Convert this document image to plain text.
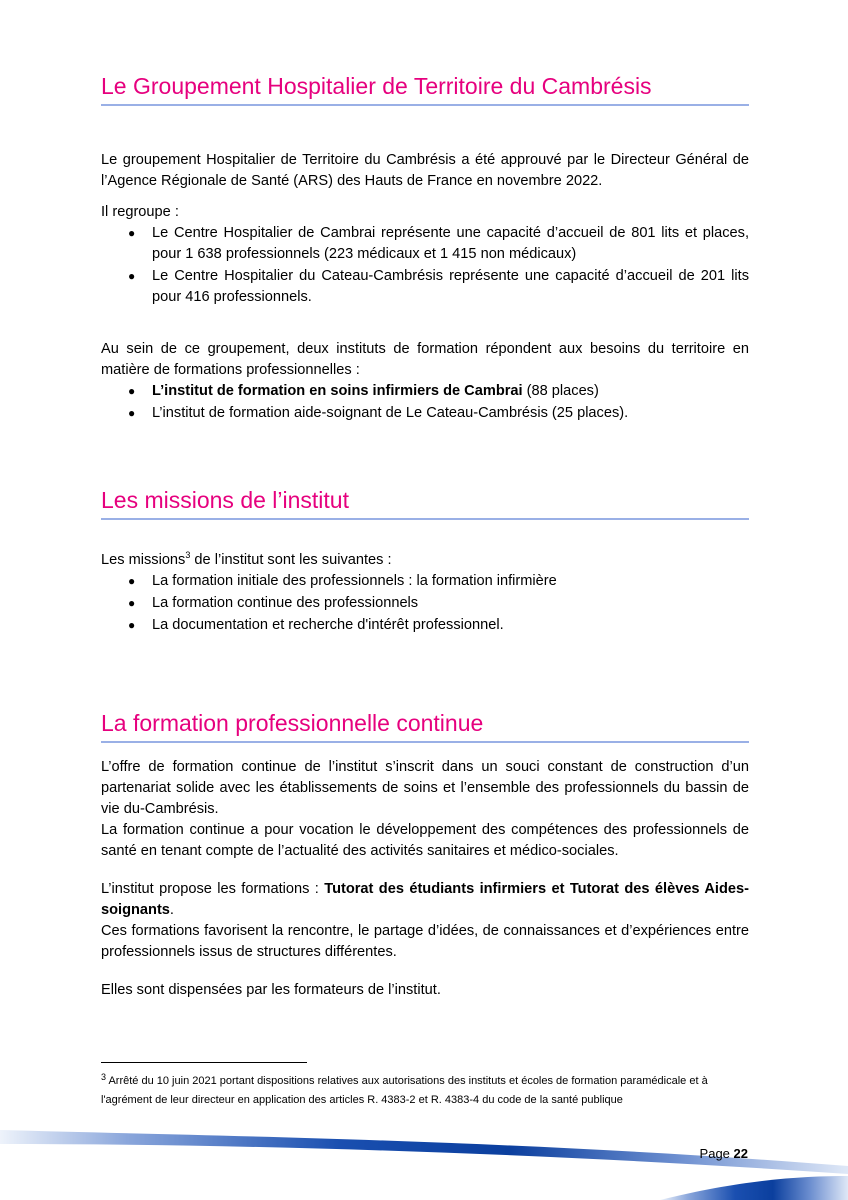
Le Groupement Hospitalier de Territoire du Cambrésis

Le groupement Hospitalier de Territoire du Cambrésis a été approuvé par le Directeur Général de l’Agence Régionale de Santé (ARS) des Hauts de France en novembre 2022.

Il regroupe :

● Le Centre Hospitalier de Cambrai représente une capacité d’accueil de 801 lits et places, pour 1 638 professionnels (223 médicaux et 1 415 non médicaux)
● Le Centre Hospitalier du Cateau-Cambrésis représente une capacité d’accueil de 201 lits pour 416 professionnels.

Au sein de ce groupement, deux instituts de formation répondent aux besoins du territoire en matière de formations professionnelles :

● L’institut de formation en soins infirmiers de Cambrai (88 places)
● L’institut de formation aide-soignant de Le Cateau-Cambrésis (25 places).
Les missions de l’institut

Les missions$^3$ de l’institut sont les suivantes :

● La formation initiale des professionnels : la formation infirmière
● La formation continue des professionnels
● La documentation et recherche d'intérêt professionnel.
La formation professionnelle continue

L’offre de formation continue de l’institut s’inscrit dans un souci constant de construction d’un partenariat solide avec les établissements de soins et l’ensemble des professionnels du bassin de vie du-Cambrésis.

La formation continue a pour vocation le développement des compétences des professionnels de santé en tenant compte de l’actualité des activités sanitaires et médico-sociales.

L’institut propose les formations : Tutorat des étudiants infirmiers et Tutorat des élèves Aides-soignants.

Ces formations favorisent la rencontre, le partage d’idées, de connaissances et d’expériences entre professionnels issus de structures différentes.

Elles sont dispensées par les formateurs de l’institut.

$^3$ Arrêté du 10 juin 2021 portant dispositions relatives aux autorisations des instituts et écoles de formation paramédicale et à l'agrément de leur directeur en application des articles R. 4383-2 et R. 4383-4 du code de la santé publique
Page 22
